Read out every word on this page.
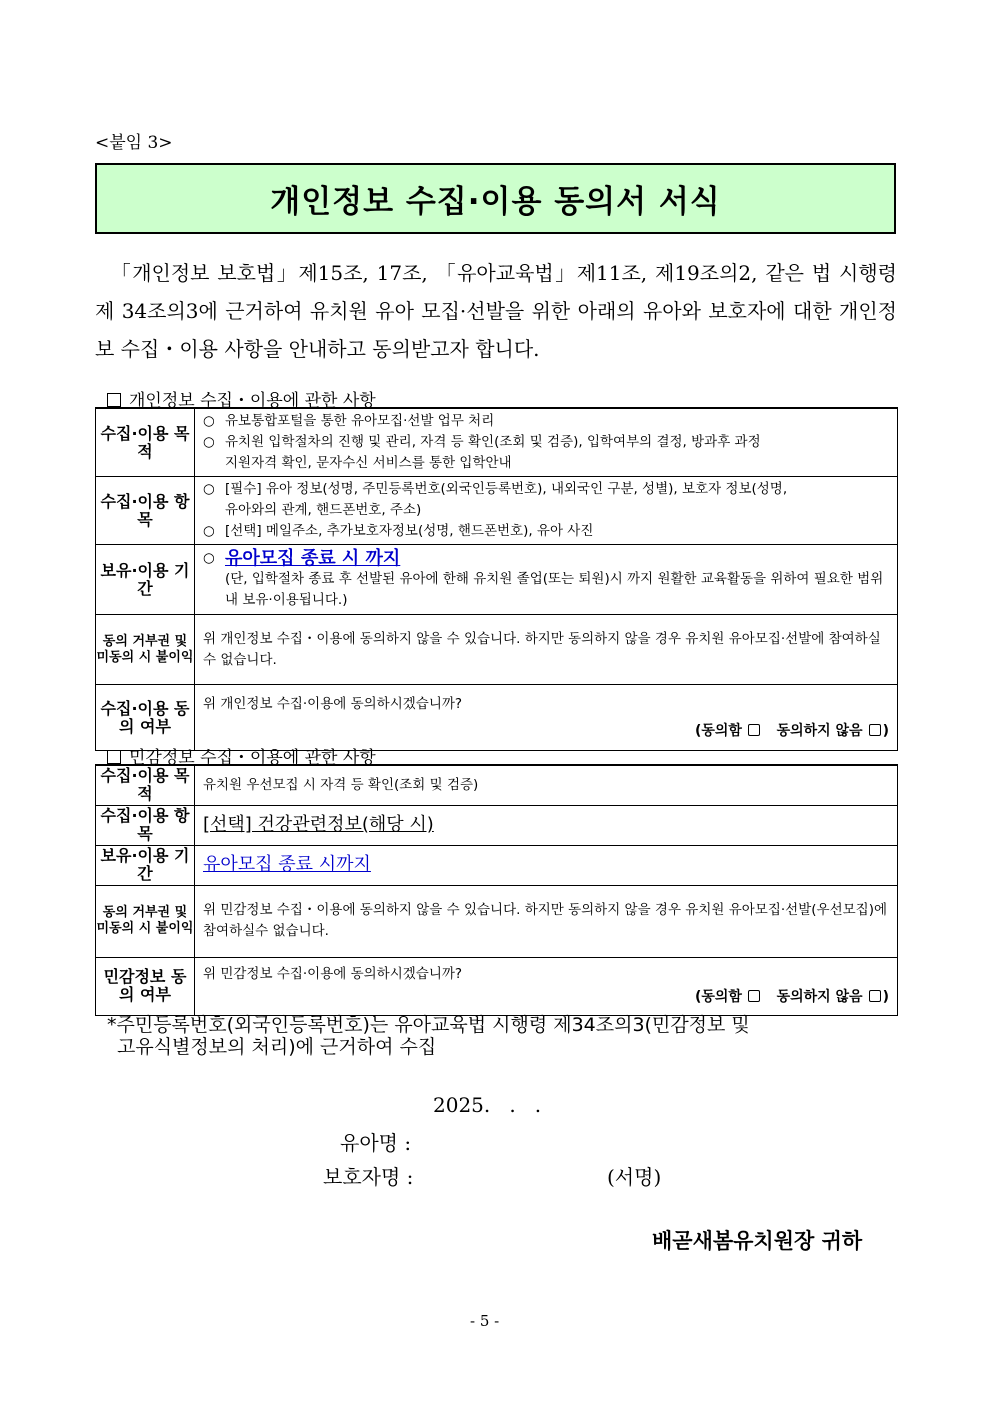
<붙임 3>
개인정보 수집·이용 동의서 서식

「개인정보 보호법」제15조, 17조, 「유아교육법」제11조, 제19조의2, 같은 법 시행령 제 34조의3에 근거하여 유치원 유아 모집·선발을 위한 아래의 유아와 보호자에 대한 개인정보 수집・이용 사항을 안내하고 동의받고자 합니다.

개인정보 수집・이용에 관한 사항
수집·이용 목적	○ 유보통합포털을 통한 유아모집·선발 업무 처리
○ 유치원 입학절차의 진행 및 관리, 자격 등 확인(조회 및 검증), 입학여부의 결정, 방과후 과정
지원자격 확인, 문자수신 서비스를 통한 입학안내

수집·이용 항목	○ [필수] 유아 정보(성명, 주민등록번호(외국인등록번호), 내외국인 구분, 성별), 보호자 정보(성명,
유아와의 관계, 핸드폰번호, 주소)
○ [선택] 메일주소, 추가보호자정보(성명, 핸드폰번호), 유아 사진

보유·이용 기간	○ 유아모집 종료 시 까지
(단, 입학절차 종료 후 선발된 유아에 한해 유치원 졸업(또는 퇴원)시 까지 원활한 교육활동을 위하여 필요한 범위 내 보유·이용됩니다.)

동의 거부권 및 미동의 시 불이익	위 개인정보 수집・이용에 동의하지 않을 수 있습니다. 하지만 동의하지 않을 경우 유치원 유아모집·선발에 참여하실수 없습니다.
수집·이용 동의 여부	위 개인정보 수집·이용에 동의하시겠습니까?
(동의함 동의하지 않음 )
민감정보 수집・이용에 관한 사항
수집·이용 목적	유치원 우선모집 시 자격 등 확인(조회 및 검증)
수집·이용 항목	[선택] 건강관련정보(해당 시)
보유·이용 기간	유아모집 종료 시까지
동의 거부권 및 미동의 시 불이익	위 민감정보 수집・이용에 동의하지 않을 수 있습니다. 하지만 동의하지 않을 경우 유치원 유아모집·선발(우선모집)에 참여하실수 없습니다.
민감정보 동의 여부	위 민감정보 수집·이용에 동의하시겠습니까?
(동의함 동의하지 않음 )
*주민등록번호(외국인등록번호)는 유아교육법 시행령 제34조의3(민감정보 및
고유식별정보의 처리)에 근거하여 수집
2025.   .   .
유아명 :
보호자명 :	(서명)
배곧새봄유치원장 귀하
- 5 -
